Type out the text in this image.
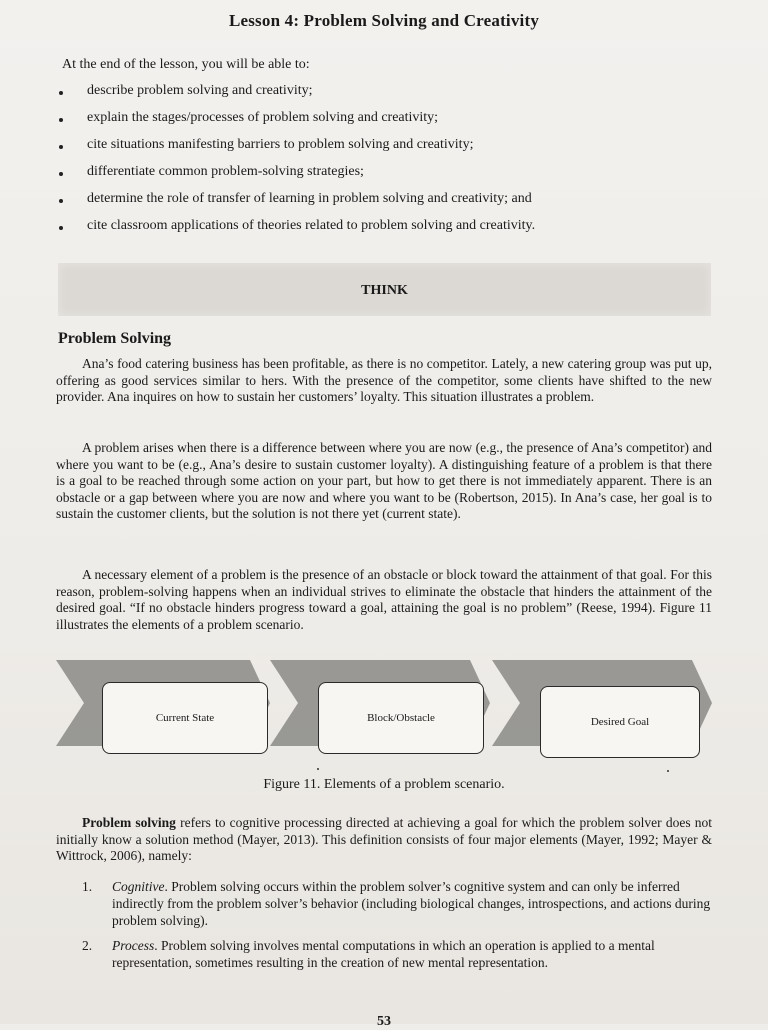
Lesson 4: Problem Solving and Creativity
At the end of the lesson, you will be able to:
describe problem solving and creativity;
explain the stages/processes of problem solving and creativity;
cite situations manifesting barriers to problem solving and creativity;
differentiate common problem-solving strategies;
determine the role of transfer of learning in problem solving and creativity; and
cite classroom applications of theories related to problem solving and creativity.
THINK
Problem Solving

Ana’s food catering business has been profitable, as there is no competitor. Lately, a new catering group was put up, offering as good services similar to hers. With the presence of the competitor, some clients have shifted to the new provider. Ana inquires on how to sustain her customers’ loyalty. This situation illustrates a problem.

A problem arises when there is a difference between where you are now (e.g., the presence of Ana’s competitor) and where you want to be (e.g., Ana’s desire to sustain customer loyalty). A distinguishing feature of a problem is that there is a goal to be reached through some action on your part, but how to get there is not immediately apparent. There is an obstacle or a gap between where you are now and where you want to be (Robertson, 2015). In Ana’s case, her goal is to sustain the customer clients, but the solution is not there yet (current state).

A necessary element of a problem is the presence of an obstacle or block toward the attainment of that goal. For this reason, problem-solving happens when an individual strives to eliminate the obstacle that hinders the attainment of the desired goal. “If no obstacle hinders progress toward a goal, attaining the goal is no problem” (Reese, 1994). Figure 11 illustrates the elements of a problem scenario.

Current State	Block/Obstacle	Desired Goal
Figure 11. Elements of a problem scenario.

Problem solving refers to cognitive processing directed at achieving a goal for which the problem solver does not initially know a solution method (Mayer, 2013). This definition consists of four major elements (Mayer, 1992; Mayer & Wittrock, 2006), namely:

1. Cognitive. Problem solving occurs within the problem solver’s cognitive system and can only be inferred indirectly from the problem solver’s behavior (including biological changes, introspections, and actions during problem solving).
2. Process. Problem solving involves mental computations in which an operation is applied to a mental representation, sometimes resulting in the creation of new mental representation.
53
